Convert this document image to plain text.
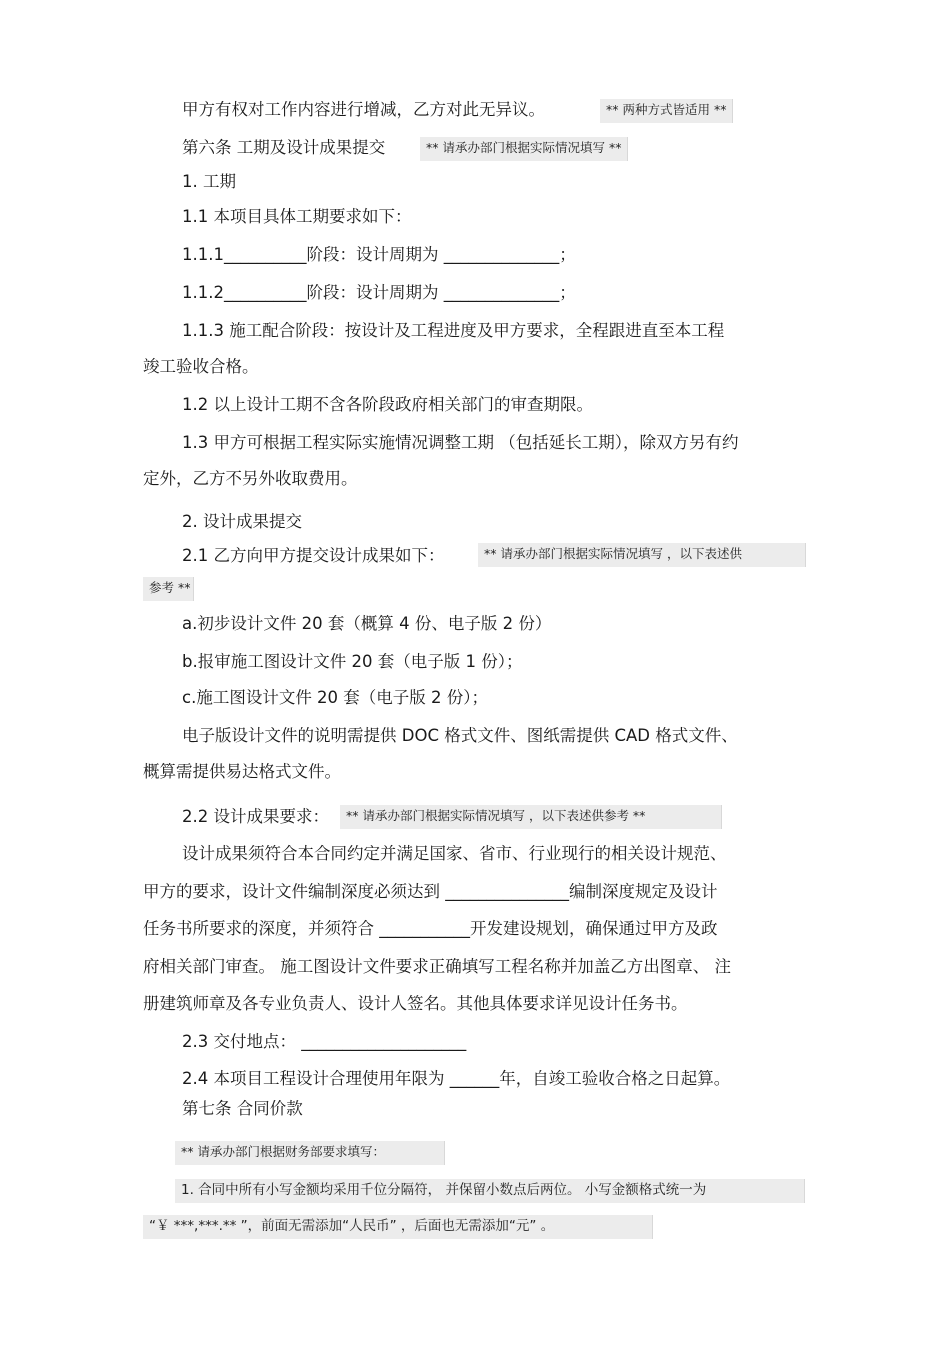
甲方有权对工作内容进行增减，乙方对此无异议。	** 两种方式皆适用 **
第六条 工期及设计成果提交	** 请承办部门根据实际情况填写 **
1. 工期
1.1 本项目具体工期要求如下：
1.1.1__________阶段：设计周期为 ______________；
1.1.2__________阶段：设计周期为 ______________；
1.1.3 施工配合阶段：按设计及工程进度及甲方要求，全程跟进直至本工程
竣工验收合格。
1.2 以上设计工期不含各阶段政府相关部门的审查期限。
1.3 甲方可根据工程实际实施情况调整工期 （包括延长工期），除双方另有约
定外，乙方不另外收取费用。
2. 设计成果提交
2.1 乙方向甲方提交设计成果如下：	** 请承办部门根据实际情况填写 ，以下表述供
参考 **
a.初步设计文件 20 套（概算 4 份、电子版 2 份）
b.报审施工图设计文件 20 套（电子版 1 份）；
c.施工图设计文件 20 套（电子版 2 份）；
电子版设计文件的说明需提供 DOC 格式文件、图纸需提供 CAD 格式文件、
概算需提供易达格式文件。
2.2 设计成果要求：	** 请承办部门根据实际情况填写 ，以下表述供参考 **
设计成果须符合本合同约定并满足国家、省市、行业现行的相关设计规范、
甲方的要求，设计文件编制深度必须达到 _______________编制深度规定及设计
任务书所要求的深度，并须符合 ___________开发建设规划，确保通过甲方及政
府相关部门审查。 施工图设计文件要求正确填写工程名称并加盖乙方出图章、 注
册建筑师章及各专业负责人、设计人签名。其他具体要求详见设计任务书。
2.3 交付地点： ____________________
2.4 本项目工程设计合理使用年限为 ______年，自竣工验收合格之日起算。
第七条 合同价款
** 请承办部门根据财务部要求填写：
1. 合同中所有小写金额均采用千位分隔符， 并保留小数点后两位。 小写金额格式统一为
“￥ ***,***.** ”，前面无需添加“人民币” ，后面也无需添加“元” 。
